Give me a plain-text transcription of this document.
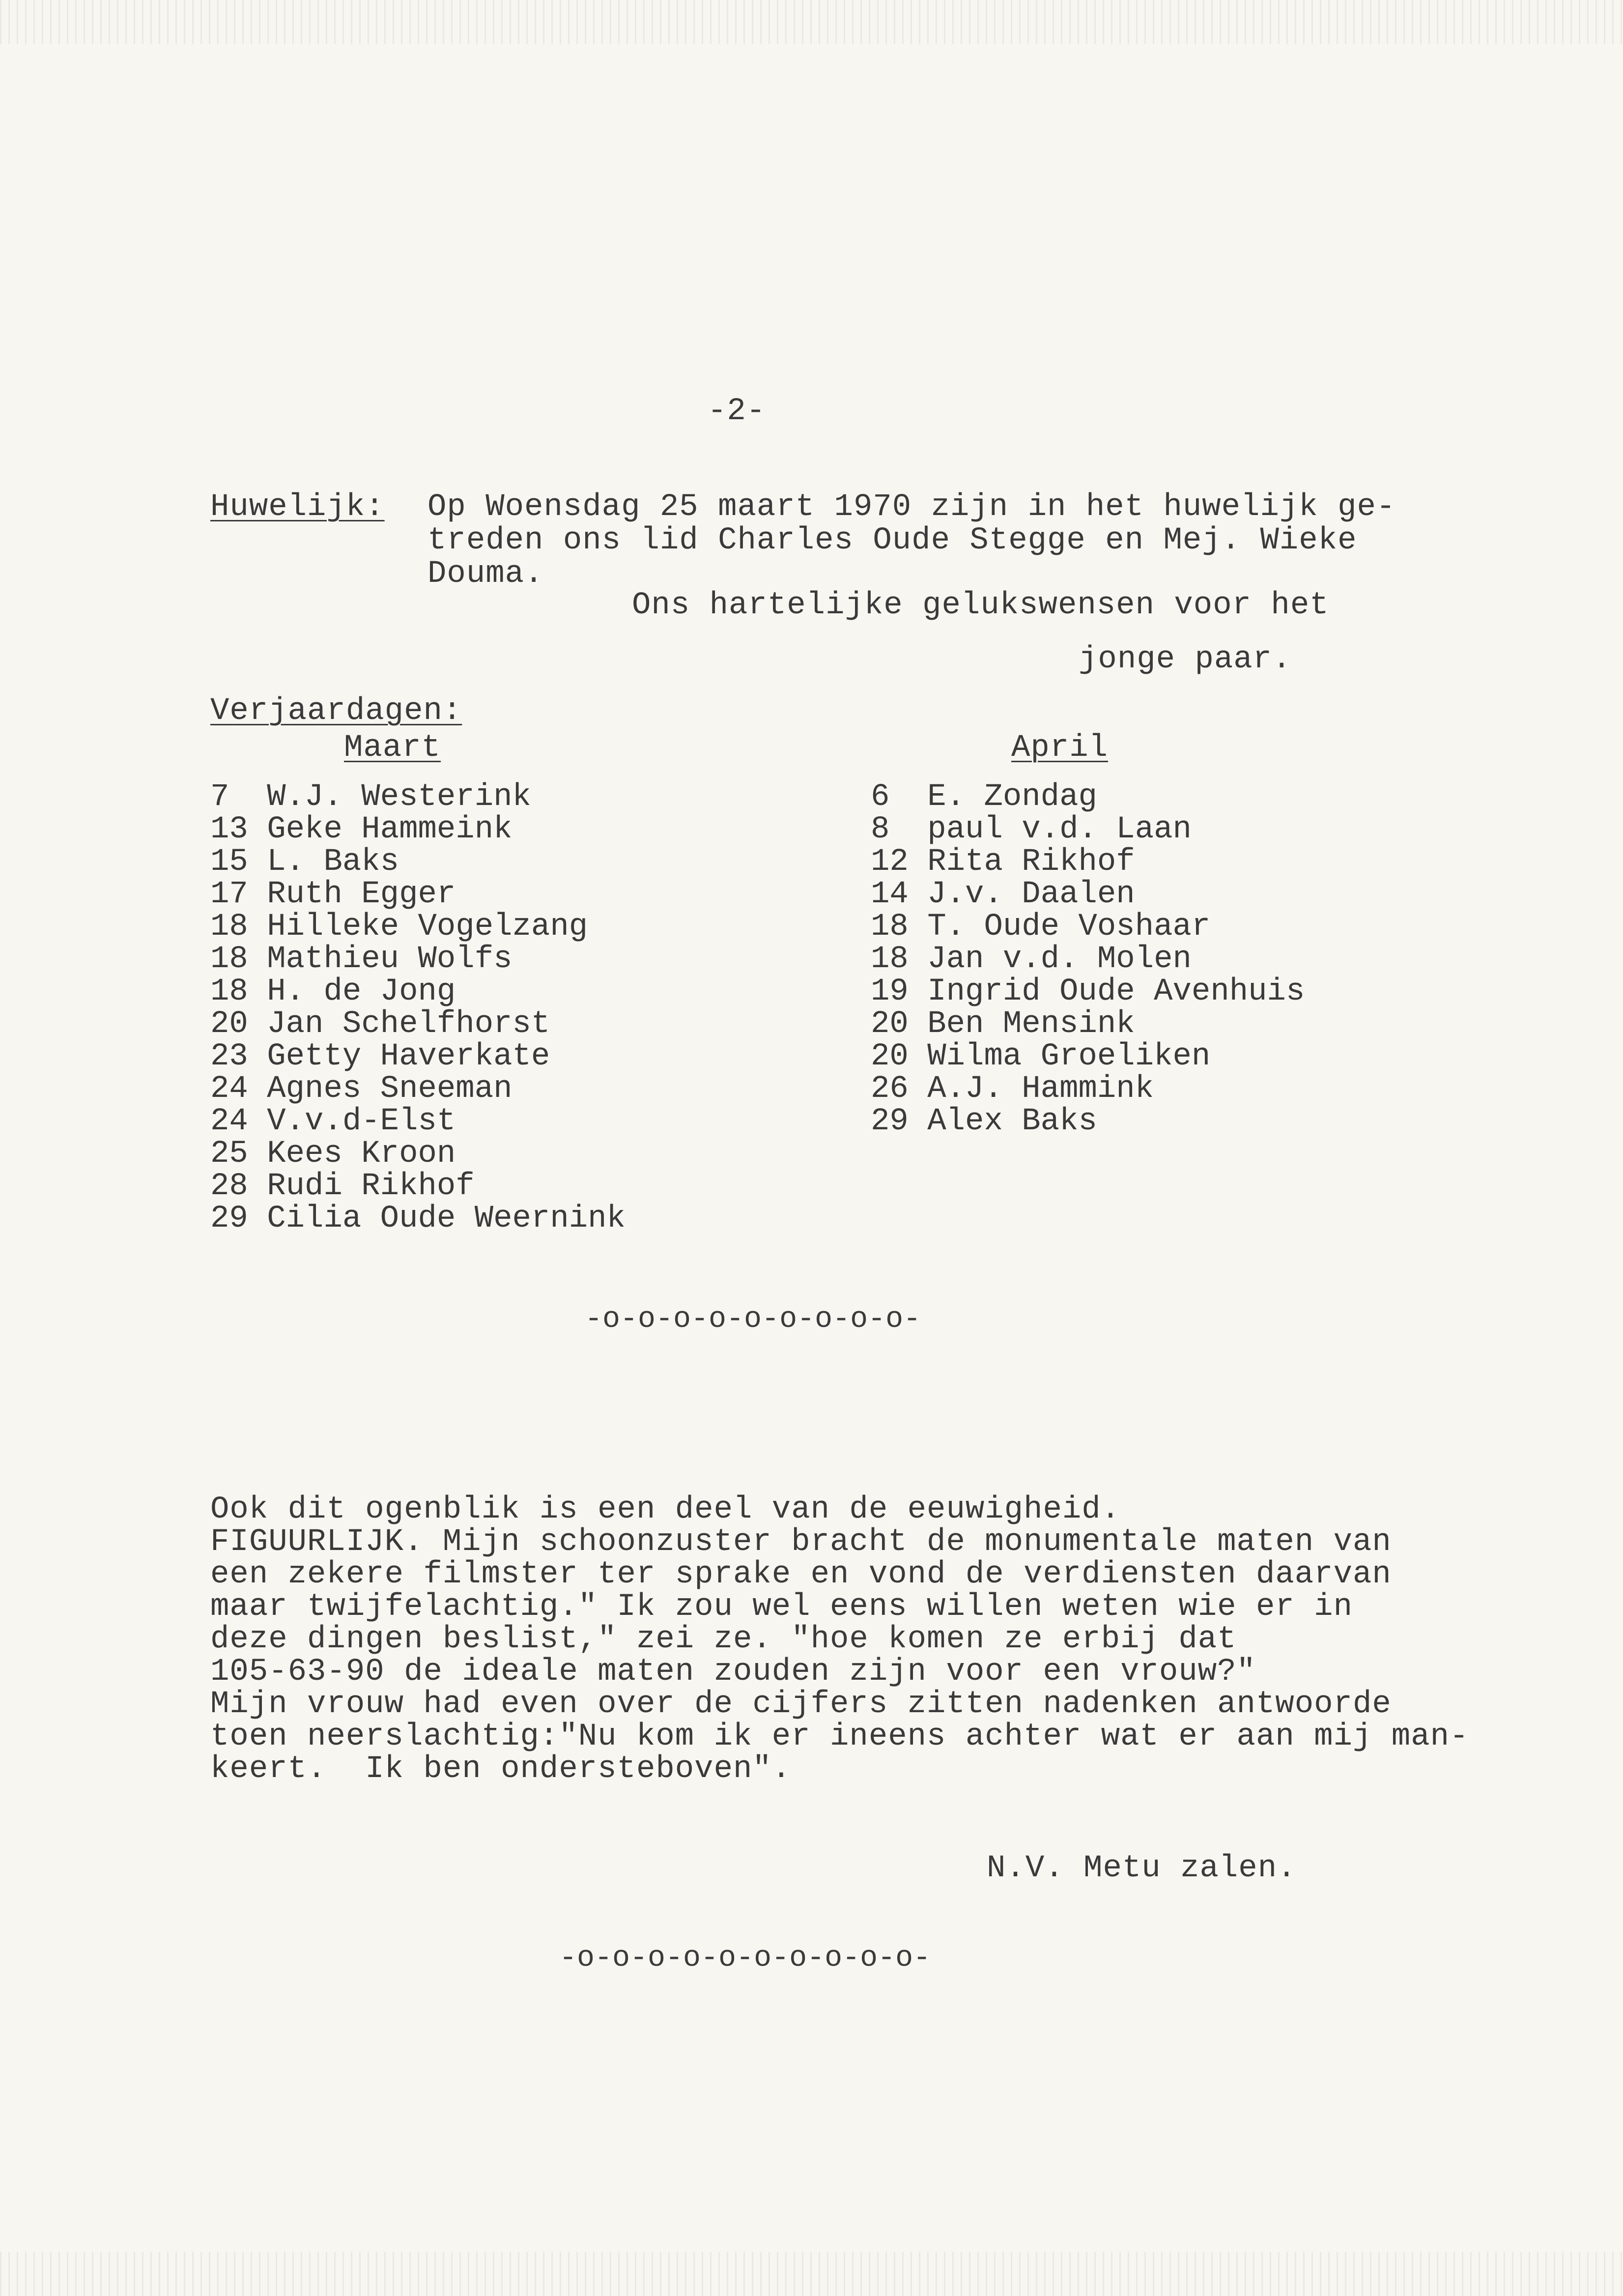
-2-
Huwelijk: Op Woensdag 25 maart 1970 zijn in het huwelijk ge-
treden ons lid Charles Oude Stegge en Mej. Wieke
Douma.
Ons hartelijke gelukswensen voor het
jonge paar.
Verjaardagen:
Maart	April
7  W.J. Westerink
13 Geke Hammeink
15 L. Baks
17 Ruth Egger
18 Hilleke Vogelzang
18 Mathieu Wolfs
18 H. de Jong
20 Jan Schelfhorst
23 Getty Haverkate
24 Agnes Sneeman
24 V.v.d-Elst
25 Kees Kroon
28 Rudi Rikhof
29 Cilia Oude Weernink
6  E. Zondag
8  paul v.d. Laan
12 Rita Rikhof
14 J.v. Daalen
18 T. Oude Voshaar
18 Jan v.d. Molen
19 Ingrid Oude Avenhuis
20 Ben Mensink
20 Wilma Groeliken
26 A.J. Hammink
29 Alex Baks
-o-o-o-o-o-o-o-o-o-
Ook dit ogenblik is een deel van de eeuwigheid.
FIGUURLIJK. Mijn schoonzuster bracht de monumentale maten van
een zekere filmster ter sprake en vond de verdiensten daarvan
maar twijfelachtig." Ik zou wel eens willen weten wie er in
deze dingen beslist," zei ze. "hoe komen ze erbij dat
105-63-90 de ideale maten zouden zijn voor een vrouw?"
Mijn vrouw had even over de cijfers zitten nadenken antwoorde
toen neerslachtig:"Nu kom ik er ineens achter wat er aan mij man-
keert.  Ik ben ondersteboven".
N.V. Metu zalen.
-o-o-o-o-o-o-o-o-o-o-
